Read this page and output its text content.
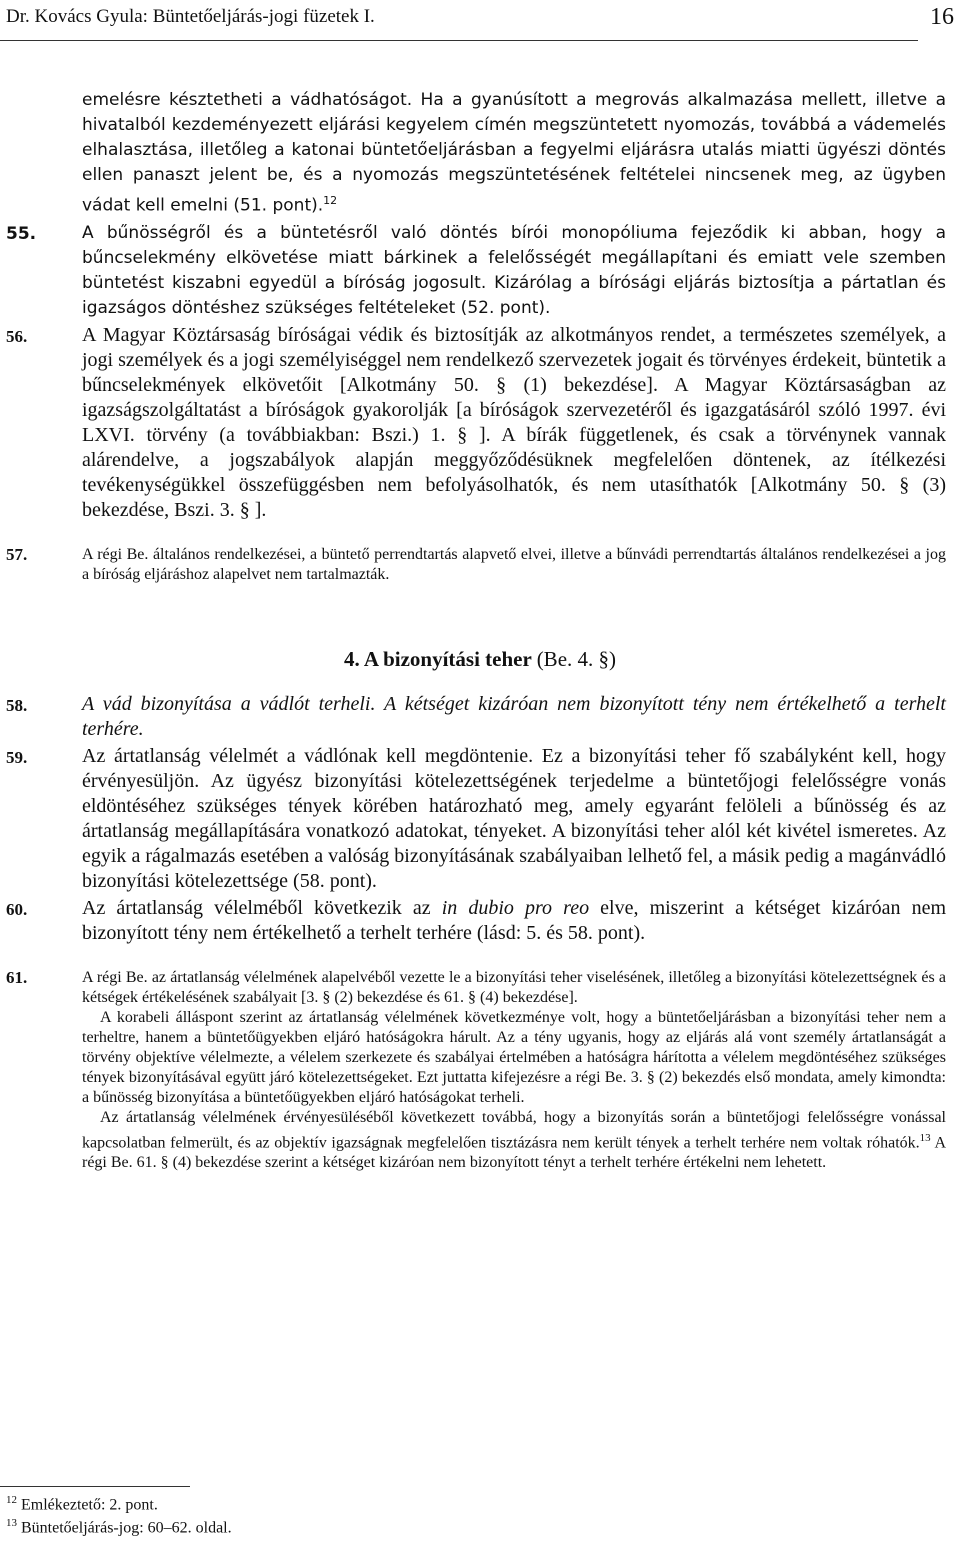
Dr. Kovács Gyula: Büntetőeljárás-jogi füzetek I.	16
emelésre késztetheti a vádhatóságot. Ha a gyanúsított a megrovás alkalmazása mellett, illetve a hivatalból kezdeményezett eljárási kegyelem címén megszüntetett nyomozás, továbbá a vádemelés elhalasztása, illetőleg a katonai büntetőeljárásban a fegyelmi eljárásra utalás miatti ügyészi döntés ellen panaszt jelent be, és a nyomozás megszüntetésének feltételei nincsenek meg, az ügyben vádat kell emelni (51. pont).$^{12}$
55.	A bűnösségről és a büntetésről való döntés bírói monopóliuma fejeződik ki abban, hogy a bűncselekmény elkövetése miatt bárkinek a felelősségét megállapítani és emiatt vele szemben büntetést kiszabni egyedül a bíróság jogosult. Kizárólag a bírósági eljárás biztosítja a pártatlan és igazságos döntéshez szükséges feltételeket (52. pont).
56.	A Magyar Köztársaság bíróságai védik és biztosítják az alkotmányos rendet, a természetes személyek, a jogi személyek és a jogi személyiséggel nem rendelkező szervezetek jogait és törvényes érdekeit, büntetik a bűncselekmények elkövetőit [Alkotmány 50. § (1) bekezdése]. A Magyar Köztársaságban az igazságszolgáltatást a bíróságok gyakorolják [a bíróságok szervezetéről és igazgatásáról szóló 1997. évi LXVI. törvény (a továbbiakban: Bszi.) 1. § ]. A bírák függetlenek, és csak a törvénynek vannak alárendelve, a jogszabályok alapján meggyőződésüknek megfelelően döntenek, az ítélkezési tevékenységükkel összefüggésben nem befolyásolhatók, és nem utasíthatók [Alkotmány 50. § (3) bekezdése, Bszi. 3. § ].
57.	A régi Be. általános rendelkezései, a büntető perrendtartás alapvető elvei, illetve a bűnvádi perrendtartás általános rendelkezései a jog a bíróság eljáráshoz alapelvet nem tartalmazták.

4. A bizonyítási teher (Be. 4. §)
58.	A vád bizonyítása a vádlót terheli. A kétséget kizáróan nem bizonyított tény nem értékelhető a terhelt terhére.
59.	Az ártatlanság vélelmét a vádlónak kell megdöntenie. Ez a bizonyítási teher fő szabályként kell, hogy érvényesüljön. Az ügyész bizonyítási kötelezettségének terjedelme a büntetőjogi felelősségre vonás eldöntéséhez szükséges tények körében határozható meg, amely egyaránt felöleli a bűnösség és az ártatlanság megállapítására vonatkozó adatokat, tényeket. A bizonyítási teher alól két kivétel ismeretes. Az egyik a rágalmazás esetében a valóság bizonyításának szabályaiban lelhető fel, a másik pedig a magánvádló bizonyítási kötelezettsége (58. pont).
60.	Az ártatlanság vélelméből következik az in dubio pro reo elve, miszerint a kétséget kizáróan nem bizonyított tény nem értékelhető a terhelt terhére (lásd: 5. és 58. pont).
61.	A régi Be. az ártatlanság vélelmének alapelvéből vezette le a bizonyítási teher viselésének, illetőleg a bizonyítási kötelezettségnek és a kétségek értékelésének szabályait [3. § (2) bekezdése és 61. § (4) bekezdése].

A korabeli álláspont szerint az ártatlanság vélelmének következménye volt, hogy a büntetőeljárásban a bizonyítási teher nem a terheltre, hanem a büntetőügyekben eljáró hatóságokra hárult. Az a tény ugyanis, hogy az eljárás alá vont személy ártatlanságát a törvény objektíve vélelmezte, a vélelem szerkezete és szabályai értelmében a hatóságra hárította a vélelem megdöntéséhez szükséges tények bizonyításával együtt járó kötelezettségeket. Ezt juttatta kifejezésre a régi Be. 3. § (2) bekezdés első mondata, amely kimondta: a bűnösség bizonyítása a büntetőügyekben eljáró hatóságokat terheli.

Az ártatlanság vélelmének érvényesüléséből következett továbbá, hogy a bizonyítás során a büntetőjogi felelősségre vonással kapcsolatban felmerült, és az objektív igazságnak megfelelően tisztázásra nem került tények a terhelt terhére nem voltak róhatók.$^{13}$ A régi Be. 61. § (4) bekezdése szerint a kétséget kizáróan nem bizonyított tényt a terhelt terhére értékelni nem lehetett.

$^{12}$ Emlékeztető: 2. pont.
$^{13}$ Büntetőeljárás-jog: 60–62. oldal.
